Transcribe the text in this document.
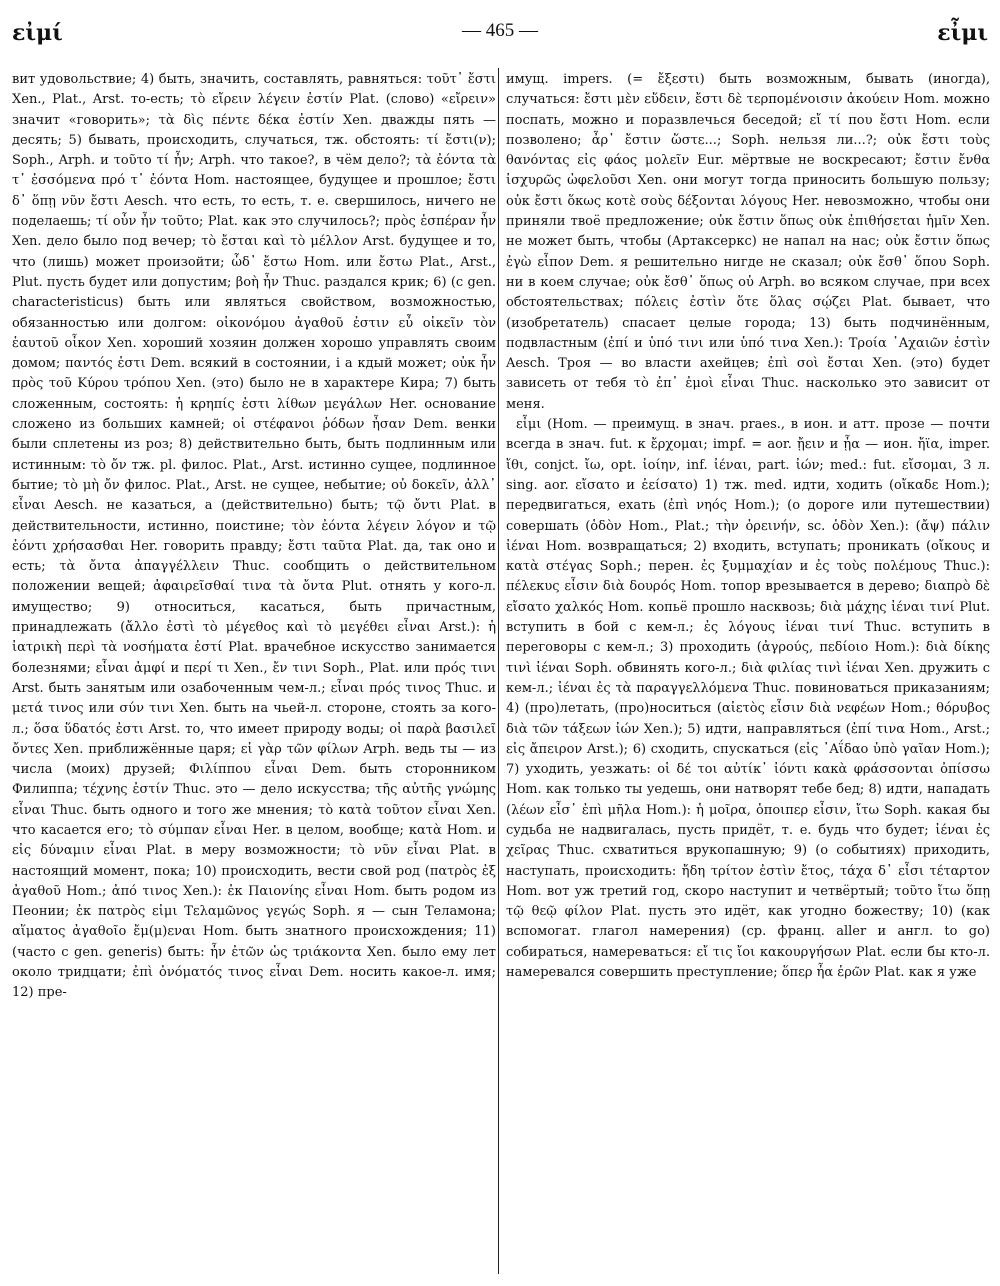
εἰμί	— 465 —	εἶμι

вит удовольствие; 4) быть, значить, составлять, равняться: τοῦτ᾽ ἔστι Xen., Plat., Arst. то-есть; τὸ εἴρειν λέγειν ἐστίν Plat. (слово) «εἴρειν» значит «говорить»; τὰ δὶς πέντε δέκα ἐστίν Xen. дважды пять — десять; 5) бывать, происходить, случаться, тж. обстоять: τί ἔστι(ν); Soph., Arph. и τοῦτο τί ἦν; Arph. что такое?, в чём дело?; τὰ ἐόντα τὰ τ᾽ ἐσσόμενα πρό τ᾽ ἐόντα Hom. настоящее, будущее и прошлое; ἔστι δ᾽ ὅπῃ νῦν ἔστι Aesch. что есть, то есть, т. е. свершилось, ничего не поделаешь; τί οὖν ἦν τοῦτο; Plat. как это случилось?; πρὸς ἑσπέραν ἦν Xen. дело было под вечер; τὸ ἔσται καὶ τὸ μέλλον Arst. будущее и то, что (лишь) может произойти; ὧδ᾽ ἔστω Hom. или ἔστω Plat., Arst., Plut. пусть будет или допустим; βοὴ ἦν Thuc. раздался крик; 6) (c gen. characteristicus) быть или являться свойством, возможностью, обязанностью или долгом: οἰκονόμου ἀγαθοῦ ἐστιν εὖ οἰκεῖν τὸν ἑαυτοῦ οἶκον Xen. хороший хозяин должен хорошо управлять своим домом; παντός ἐστι Dem. всякий в состоянии, і а кдый может; οὐκ ἦν πρὸς τοῦ Κύρου τρόπου Xen. (это) было не в характере Кира; 7) быть сложенным, состоять: ἡ κρηπίς ἐστι λίθων μεγάλων Her. основание сложено из больших камней; οἱ στέφανοι ῥόδων ἦσαν Dem. венки были сплетены из роз; 8) действительно быть, быть подлинным или истинным: τὸ ὄν тж. pl. филос. Plat., Arst. истинно сущее, подлинное бытие; τὸ μὴ ὄν филос. Plat., Arst. не сущее, небытие; οὐ δοκεῖν, ἀλλ᾽ εἶναι Aesch. не казаться, а (действительно) быть; τῷ ὄντι Plat. в действительности, истинно, поистине; τὸν ἐόντα λέγειν λόγον и τῷ ἐόντι χρήσασθαι Her. говорить правду; ἔστι ταῦτα Plat. да, так оно и есть; τὰ ὄντα ἀπαγγέλλειν Thuc. сообщить о действительном положении вещей; ἀφαιρεῖσθαί τινα τὰ ὄντα Plut. отнять у кого-л. имущество; 9) относиться, касаться, быть причастным, принадлежать (ἄλλο ἐστὶ τὸ μέγεθος καὶ τὸ μεγέθει εἶναι Arst.): ἡ ἰατρικὴ περὶ τὰ νοσήματα ἐστί Plat. врачебное искусство занимается болезнями; εἶναι ἀμφί и περί τι Xen., ἔν τινι Soph., Plat. или πρός τινι Arst. быть занятым или озабоченным чем-л.; εἶναι πρός τινος Thuc. и μετά τινος или σύν τινι Xen. быть на чьей-л. стороне, стоять за кого-л.; ὅσα ὕδατός ἐστι Arst. то, что имеет природу воды; οἱ παρὰ βασιλεῖ ὄντες Xen. приближённые царя; εἰ γὰρ τῶν φίλων Arph. ведь ты — из числа (моих) друзей; Φιλίππου εἶναι Dem. быть сторонником Филиппа; τέχνης ἐστίν Thuc. это — дело искусства; τῆς αὐτῆς γνώμης εἶναι Thuc. быть одного и того же мнения; τὸ κατὰ τοῦτον εἶναι Xen. что касается его; τὸ σύμπαν εἶναι Her. в целом, вообще; κατὰ Hom. и εἰς δύναμιν εἶναι Plat. в меру возможности; τὸ νῦν εἶναι Plat. в настоящий момент, пока; 10) происходить, вести свой род (πατρὸς ἐξ ἀγαθοῦ Hom.; ἀπό τινος Xen.): ἐκ Παιονίης εἶναι Hom. быть родом из Пеонии; ἐκ πατρὸς εἰμι Τελαμῶνος γεγώς Soph. я — сын Теламона; αἵματος ἀγαθοῖο ἔμ(μ)εναι Hom. быть знатного происхождения; 11) (часто с gen. generis) быть: ἦν ἐτῶν ὡς τριάκοντα Xen. было ему лет около тридцати; ἐπὶ ὀνόματός τινος εἶναι Dem. носить какое-л. имя; 12) пре-

имущ. impers. (= ἔξεστι) быть возможным, бывать (иногда), случаться: ἔστι μὲν εὕδειν, ἔστι δὲ τερπομένοισιν ἀκούειν Hom. можно поспать, можно и поразвлечься беседой; εἴ τί που ἔστι Hom. если позволено; ἆρ᾽ ἔστιν ὥστε...; Soph. нельзя ли...?; οὐκ ἔστι τοὺς θανόντας εἰς φάος μολεῖν Eur. мёртвые не воскресают; ἔστιν ἔνθα ἰσχυρῶς ὠφελοῦσι Xen. они могут тогда приносить большую пользу; οὐκ ἔστι ὅκως κοτὲ σοὺς δέξονται λόγους Her. невозможно, чтобы они приняли твоё предложение; οὐκ ἔστιν ὅπως οὐκ ἐπιθήσεται ἡμῖν Xen. не может быть, чтобы (Артаксеркс) не напал на нас; οὐκ ἔστιν ὅπως ἐγὼ εἶπον Dem. я решительно нигде не сказал; οὐκ ἔσθ᾽ ὅπου Soph. ни в коем случае; οὐκ ἔσθ᾽ ὅπως οὐ Arph. во всяком случае, при всех обстоятельствах; πόλεις ἐστὶν ὅτε ὅλας σῴζει Plat. бывает, что (изобретатель) спасает целые города; 13) быть подчинённым, подвластным (ἐπί и ὑπό τινι или ὑπό τινα Xen.): Τροία ᾿Αχαιῶν ἐστὶν Aesch. Троя — во власти ахейцев; ἐπὶ σοὶ ἔσται Xen. (это) будет зависеть от тебя τὸ ἐπ᾽ ἐμοὶ εἶναι Thuc. насколько это зависит от меня.

εἶμι (Hom. — преимущ. в знач. praes., в ион. и атт. прозе — почти всегда в знач. fut. к ἔρχομαι; impf. = aor. ᾔειν и ᾖα — ион. ἤϊα, imper. ἴθι, conjct. ἴω, opt. ἰοίην, inf. ἰέναι, part. ἰών; med.: fut. εἴσομαι, 3 л. sing. aor. εἴσατο и ἐείσατο) 1) тж. med. идти, ходить (οἴκαδε Hom.); передвигаться, ехать (ἐπὶ νηός Hom.); (о дороге или путешествии) совершать (ὁδὸν Hom., Plat.; τὴν ὀρεινήν, sc. ὁδὸν Xen.): (ἄψ) πάλιν ἰέναι Hom. возвращаться; 2) входить, вступать; проникать (οἴκους и κατὰ στέγας Soph.; перен. ἐς ξυμμαχίαν и ἐς τοὺς πολέμους Thuc.): πέλεκυς εἶσιν διὰ δουρός Hom. топор врезывается в дерево; διαπρὸ δὲ εἴσατο χαλκός Hom. копьё прошло насквозь; διὰ μάχης ἰέναι τινί Plut. вступить в бой с кем-л.; ἐς λόγους ἰέναι τινί Thuc. вступить в переговоры с кем-л.; 3) проходить (ἀγρούς, πεδίοιο Hom.): διὰ δίκης τινὶ ἰέναι Soph. обвинять кого-л.; διὰ φιλίας τινὶ ἰέναι Xen. дружить с кем-л.; ἰέναι ἐς τὰ παραγγελλόμενα Thuc. повиноваться приказаниям; 4) (про)летать, (про)носиться (αἰετὸς εἶσιν διὰ νεφέων Hom.; θόρυβος διὰ τῶν τάξεων ἰών Xen.); 5) идти, направляться (ἐπί τινα Hom., Arst.; εἰς ἄπειρον Arst.); 6) сходить, спускаться (εἰς ᾿Αΐδαο ὑπὸ γαῖαν Hom.); 7) уходить, уезжать: οἱ δέ τοι αὐτίκ᾽ ἰόντι κακὰ φράσσονται ὀπίσσω Hom. как только ты уедешь, они натворят тебе бед; 8) идти, нападать (λέων εἶσ᾽ ἐπὶ μῆλα Hom.): ἡ μοῖρα, ὁποιπερ εἶσιν, ἴτω Soph. какая бы судьба не надвигалась, пусть придёт, т. е. будь что будет; ἰέναι ἐς χεῖρας Thuc. схватиться врукопашную; 9) (о событиях) приходить, наступать, происходить: ἤδη τρίτον ἐστὶν ἔτος, τάχα δ᾽ εἶσι τέταρτον Hom. вот уж третий год, скоро наступит и четвёртый; τοῦτο ἴτω ὅπῃ τῷ θεῷ φίλον Plat. пусть это идёт, как угодно божеству; 10) (как вспомогат. глагол намерения) (ср. франц. aller и англ. to go) собираться, намереваться: εἴ τις ἴοι κακουργήσων Plat. если бы кто-л. намеревался совершить преступление; ὅπερ ἦα ἐρῶν Plat. как я уже
